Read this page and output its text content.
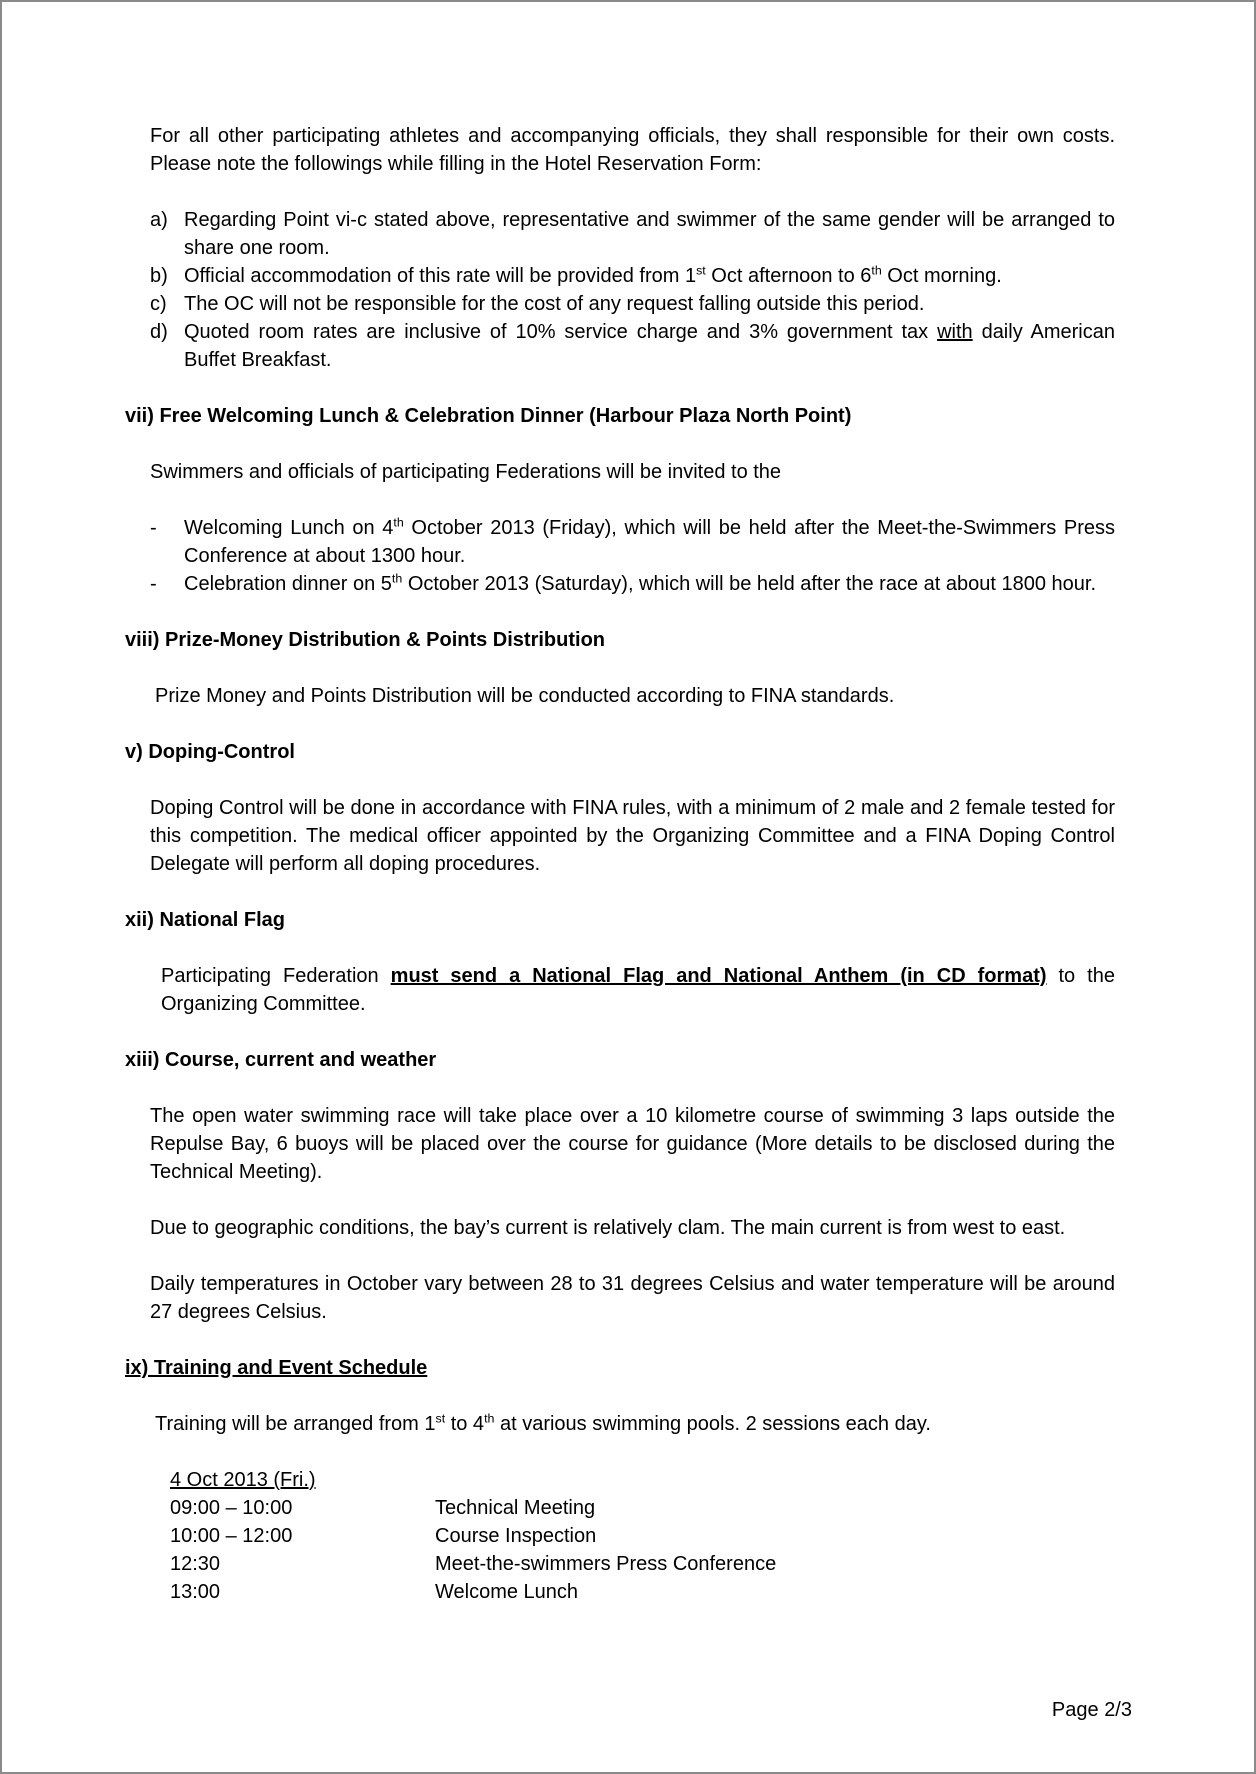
For all other participating athletes and accompanying officials, they shall responsible for their own costs. Please note the followings while filling in the Hotel Reservation Form:

a) Regarding Point vi-c stated above, representative and swimmer of the same gender will be arranged to share one room.
b) Official accommodation of this rate will be provided from 1st Oct afternoon to 6th Oct morning.
c) The OC will not be responsible for the cost of any request falling outside this period.
d) Quoted room rates are inclusive of 10% service charge and 3% government tax with daily American Buffet Breakfast.
vii) Free Welcoming Lunch & Celebration Dinner (Harbour Plaza North Point)

Swimmers and officials of participating Federations will be invited to the

-	Welcoming Lunch on 4th October 2013 (Friday), which will be held after the Meet-the-Swimmers Press Conference at about 1300 hour.
-	Celebration dinner on 5th October 2013 (Saturday), which will be held after the race at about 1800 hour.
viii) Prize-Money Distribution & Points Distribution

Prize Money and Points Distribution will be conducted according to FINA standards.

v) Doping-Control

Doping Control will be done in accordance with FINA rules, with a minimum of 2 male and 2 female tested for this competition. The medical officer appointed by the Organizing Committee and a FINA Doping Control Delegate will perform all doping procedures.

xii) National Flag

Participating Federation must send a National Flag and National Anthem (in CD format) to the Organizing Committee.

xiii) Course, current and weather

The open water swimming race will take place over a 10 kilometre course of swimming 3 laps outside the Repulse Bay, 6 buoys will be placed over the course for guidance (More details to be disclosed during the Technical Meeting).

Due to geographic conditions, the bay’s current is relatively clam. The main current is from west to east.

Daily temperatures in October vary between 28 to 31 degrees Celsius and water temperature will be around 27 degrees Celsius.

ix) Training and Event Schedule

Training will be arranged from 1st to 4th at various swimming pools. 2 sessions each day.

4 Oct 2013 (Fri.)
09:00 – 10:00	Technical Meeting
10:00 – 12:00	Course Inspection
12:30	Meet-the-swimmers Press Conference
13:00	Welcome Lunch
Page 2/3
